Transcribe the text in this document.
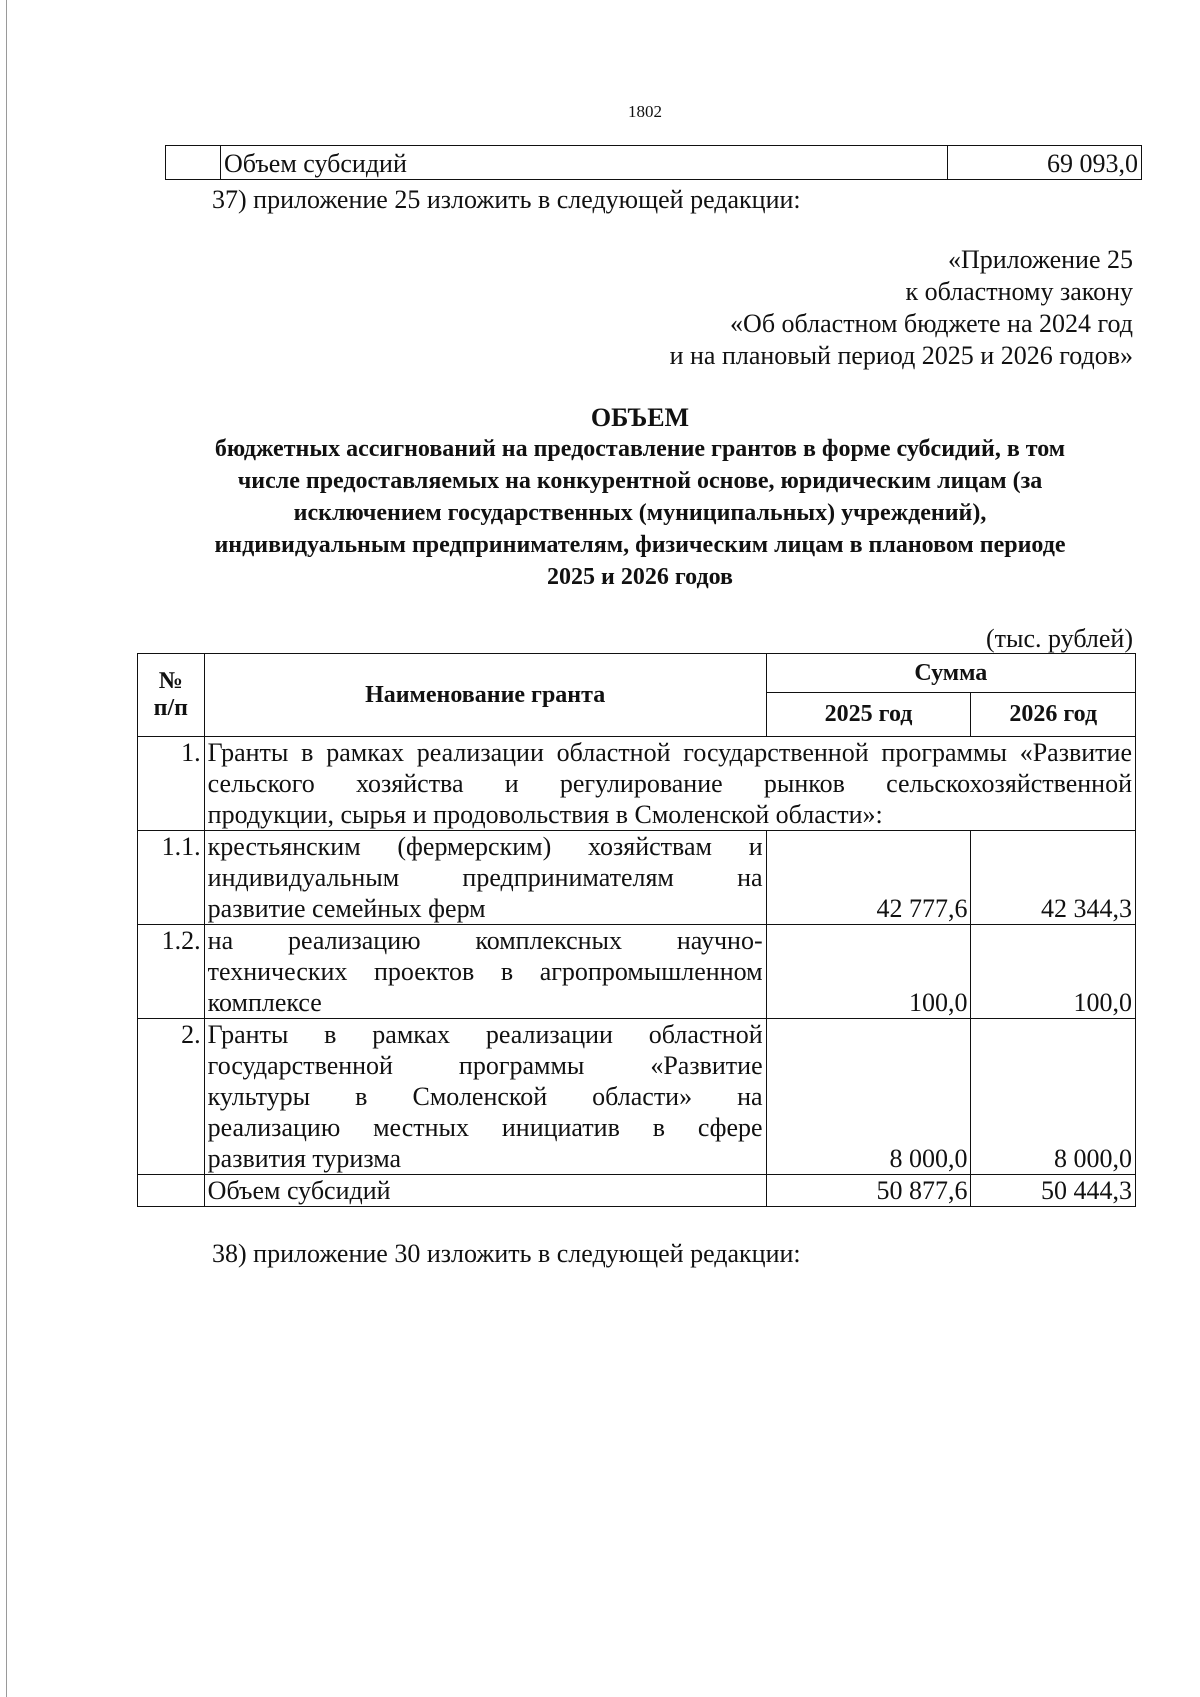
1802
	Объем субсидий	69 093,0
37) приложение 25 изложить в следующей редакции:
«Приложение 25
к областному закону
«Об областном бюджете на 2024 год
и на плановый период 2025 и 2026 годов»
ОБЪЕМ
бюджетных ассигнований на предоставление грантов в форме субсидий, в том
числе предоставляемых на конкурентной основе, юридическим лицам (за
исключением государственных (муниципальных) учреждений),
индивидуальным предпринимателям, физическим лицам в плановом периоде
2025 и 2026 годов
(тыс. рублей)
№
п/п	Наименование гранта	Сумма	
		2025 год	2026 год
1.	Гранты в рамках реализации областной государственной программы «Развитие
сельского хозяйства и регулирование рынков сельскохозяйственной
продукции, сырья и продовольствия в Смоленской области»:		

1.1.	крестьянским (фермерским) хозяйствам и
индивидуальным предпринимателям на
развитие семейных ферм	42 777,6	42 344,3
1.2.	на реализацию комплексных научно-
технических проектов в агропромышленном
комплексе	100,0	100,0
2.	Гранты в рамках реализации областной
государственной программы «Развитие
культуры в Смоленской области» на
реализацию местных инициатив в сфере
развития туризма	8 000,0	8 000,0
	Объем субсидий	50 877,6	50 444,3
38) приложение 30 изложить в следующей редакции:
